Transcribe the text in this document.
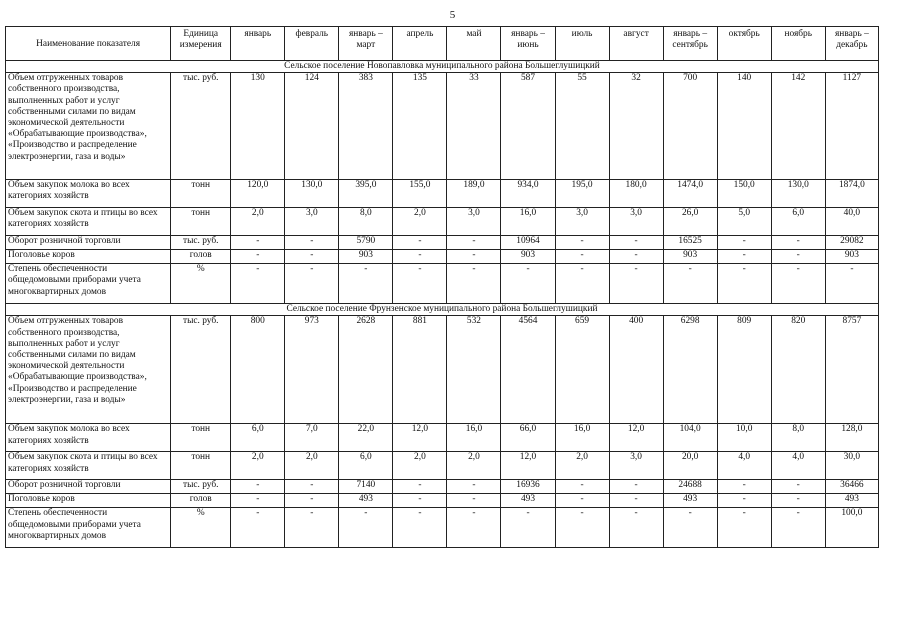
5
Наименование показателя	Единица измерения	январь	февраль	январь – март	апрель	май	январь – июнь	июль	август	январь – сентябрь	октябрь	ноябрь	январь – декабрь
Сельское поселение Новопавловка муниципального района Большеглушицкий													
Объем отгруженных товаров собственного производства, выполненных работ и услуг собственными силами по видам экономической деятельности «Обрабатывающие производства», «Производство и распределение электроэнергии, газа и воды»	тыс. руб.	130	124	383	135	33	587	55	32	700	140	142	1127
Объем закупок молока во всех категориях хозяйств	тонн	120,0	130,0	395,0	155,0	189,0	934,0	195,0	180,0	1474,0	150,0	130,0	1874,0
Объем закупок скота и птицы во всех категориях хозяйств	тонн	2,0	3,0	8,0	2,0	3,0	16,0	3,0	3,0	26,0	5,0	6,0	40,0
Оборот розничной торговли	тыс. руб.	-	-	5790	-	-	10964	-	-	16525	-	-	29082
Поголовье коров	голов	-	-	903	-	-	903	-	-	903	-	-	903
Степень обеспеченности общедомовыми приборами учета многоквартирных домов	%	-	-	-	-	-	-	-	-	-	-	-	-
Сельское поселение Фрунзенское муниципального района Большеглушицкий													
Объем отгруженных товаров собственного производства, выполненных работ и услуг собственными силами по видам экономической деятельности «Обрабатывающие производства», «Производство и распределение электроэнергии, газа и воды»	тыс. руб.	800	973	2628	881	532	4564	659	400	6298	809	820	8757
Объем закупок молока во всех категориях хозяйств	тонн	6,0	7,0	22,0	12,0	16,0	66,0	16,0	12,0	104,0	10,0	8,0	128,0
Объем закупок скота и птицы во всех категориях хозяйств	тонн	2,0	2,0	6,0	2,0	2,0	12,0	2,0	3,0	20,0	4,0	4,0	30,0
Оборот розничной торговли	тыс. руб.	-	-	7140	-	-	16936	-	-	24688	-	-	36466
Поголовье коров	голов	-	-	493	-	-	493	-	-	493	-	-	493
Степень обеспеченности общедомовыми приборами учета многоквартирных домов	%	-	-	-	-	-	-	-	-	-	-	-	100,0
